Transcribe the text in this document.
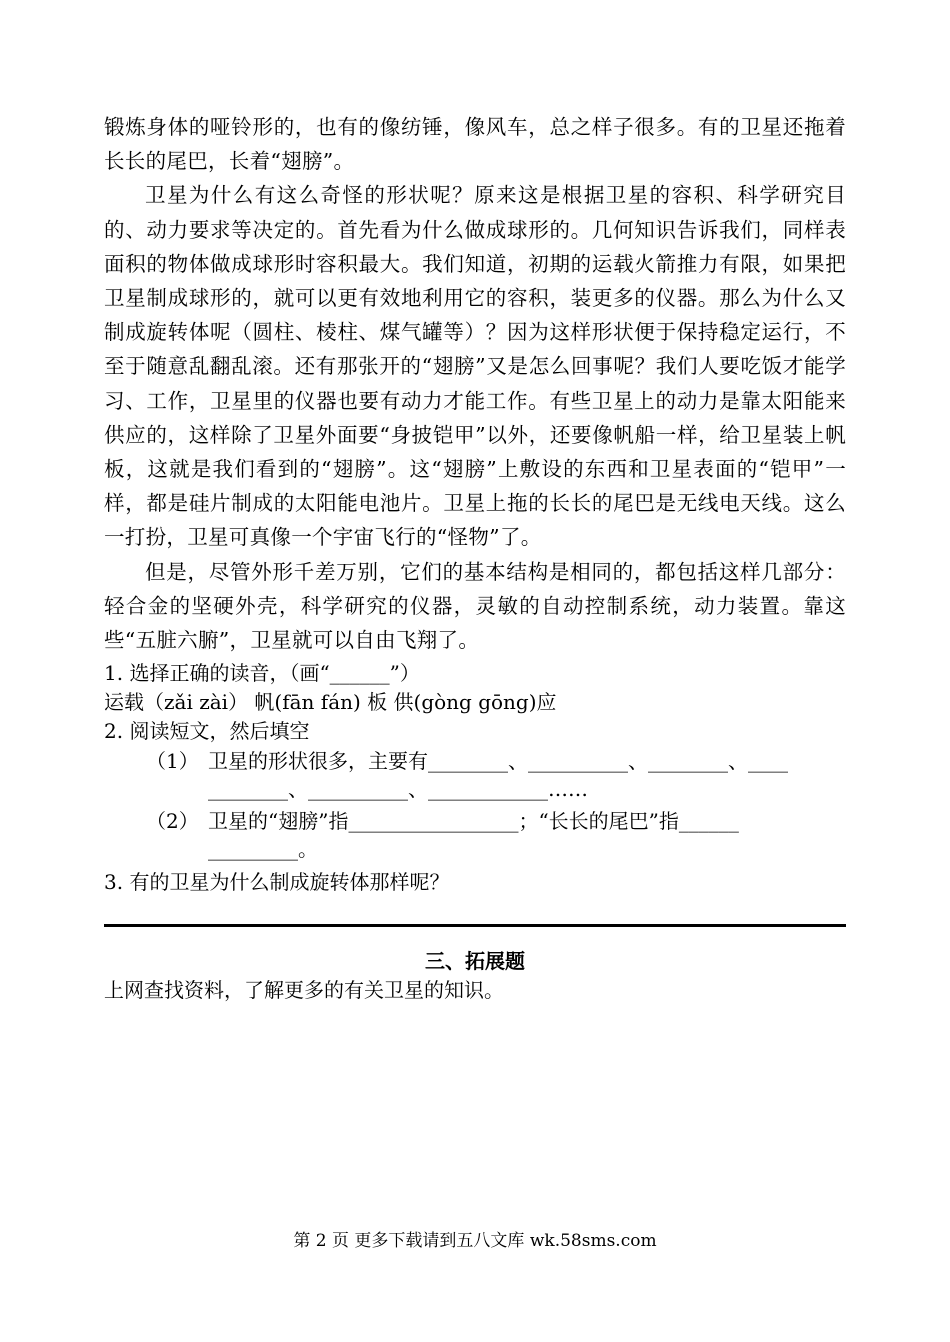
锻炼身体的哑铃形的，也有的像纺锤，像风车，总之样子很多。有的卫星还拖着长长的尾巴，长着“翅膀”。

卫星为什么有这么奇怪的形状呢？原来这是根据卫星的容积、科学研究目的、动力要求等决定的。首先看为什么做成球形的。几何知识告诉我们，同样表面积的物体做成球形时容积最大。我们知道，初期的运载火箭推力有限，如果把卫星制成球形的，就可以更有效地利用它的容积，装更多的仪器。那么为什么又制成旋转体呢（圆柱、棱柱、煤气罐等）？因为这样形状便于保持稳定运行，不至于随意乱翻乱滚。还有那张开的“翅膀”又是怎么回事呢？我们人要吃饭才能学习、工作，卫星里的仪器也要有动力才能工作。有些卫星上的动力是靠太阳能来供应的，这样除了卫星外面要“身披铠甲”以外，还要像帆船一样，给卫星装上帆板，这就是我们看到的“翅膀”。这“翅膀”上敷设的东西和卫星表面的“铠甲”一样，都是硅片制成的太阳能电池片。卫星上拖的长长的尾巴是无线电天线。这么一打扮，卫星可真像一个宇宙飞行的“怪物”了。

但是，尽管外形千差万别，它们的基本结构是相同的，都包括这样几部分：轻合金的坚硬外壳，科学研究的仪器，灵敏的自动控制系统，动力装置。靠这些“五脏六腑”，卫星就可以自由飞翔了。

1. 选择正确的读音，（画“______”）

运载（zǎi zài） 帆(fān fán) 板 供(gòng gōng)应

2. 阅读短文，然后填空

（1） 卫星的形状很多，主要有________、__________、________、____

________、__________、____________……

（2） 卫星的“翅膀”指_________________；“长长的尾巴”指______

_________。

3. 有的卫星为什么制成旋转体那样呢？

三、拓展题

上网查找资料，了解更多的有关卫星的知识。

第 2 页 更多下载请到五八文库 wk.58sms.com
